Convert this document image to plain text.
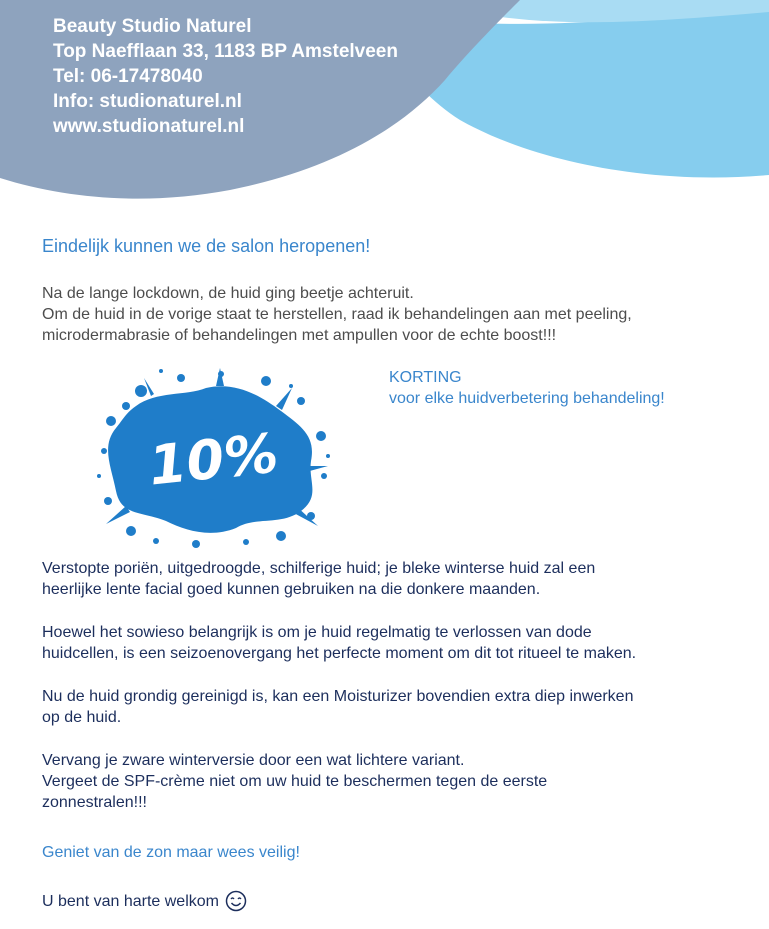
Beauty Studio Naturel
Top Naefflaan 33, 1183 BP Amstelveen
Tel: 06-17478040
Info: studionaturel.nl
www.studionaturel.nl
Eindelijk kunnen we de salon heropenen!
Na de lange lockdown, de huid ging beetje achteruit.
Om de huid in de vorige staat te herstellen, raad ik behandelingen aan met peeling,
microdermabrasie of behandelingen met ampullen voor de echte boost!!!
10%
KORTING
voor elke huidverbetering behandeling!

Verstopte poriën, uitgedroogde, schilferige huid; je bleke winterse huid zal een
heerlijke lente facial goed kunnen gebruiken na die donkere maanden.

Hoewel het sowieso belangrijk is om je huid regelmatig te verlossen van dode
huidcellen, is een seizoenovergang het perfecte moment om dit tot ritueel te maken.

Nu de huid grondig gereinigd is, kan een Moisturizer bovendien extra diep inwerken
op de huid.

Vervang je zware winterversie door een wat lichtere variant.
Vergeet de SPF-crème niet om uw huid te beschermen tegen de eerste
zonnestralen!!!

Geniet van de zon maar wees veilig!
U bent van harte welkom
